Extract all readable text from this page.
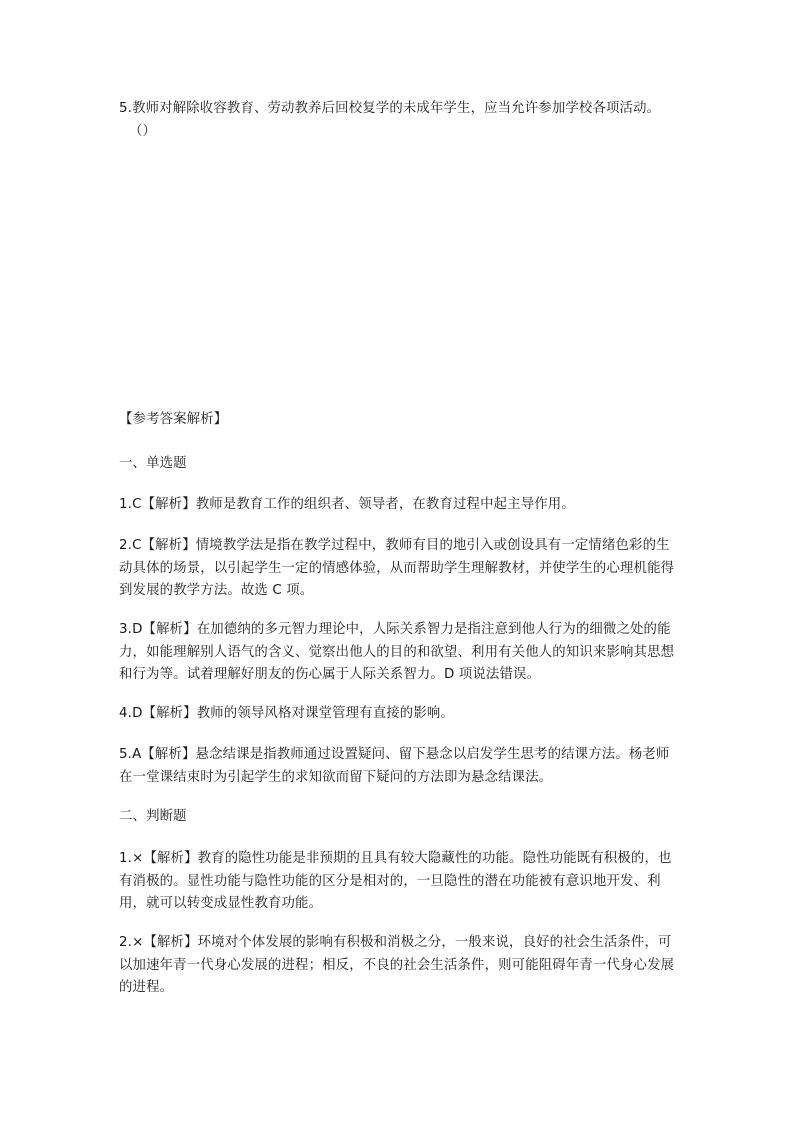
5.教师对解除收容教育、劳动教养后回校复学的未成年学生，应当允许参加学校各项活动。
（）

【参考答案解析】

一、单选题

1.C【解析】教师是教育工作的组织者、领导者，在教育过程中起主导作用。

2.C【解析】情境教学法是指在教学过程中，教师有目的地引入或创设具有一定情绪色彩的生动具体的场景，以引起学生一定的情感体验，从而帮助学生理解教材，并使学生的心理机能得到发展的教学方法。故选 C 项。

3.D【解析】在加德纳的多元智力理论中，人际关系智力是指注意到他人行为的细微之处的能力，如能理解别人语气的含义、觉察出他人的目的和欲望、利用有关他人的知识来影响其思想和行为等。试着理解好朋友的伤心属于人际关系智力。D 项说法错误。

4.D【解析】教师的领导风格对课堂管理有直接的影响。

5.A【解析】悬念结课是指教师通过设置疑问、留下悬念以启发学生思考的结课方法。杨老师在一堂课结束时为引起学生的求知欲而留下疑问的方法即为悬念结课法。

二、判断题

1.×【解析】教育的隐性功能是非预期的且具有较大隐藏性的功能。隐性功能既有积极的，也有消极的。显性功能与隐性功能的区分是相对的，一旦隐性的潜在功能被有意识地开发、利用，就可以转变成显性教育功能。

2.×【解析】环境对个体发展的影响有积极和消极之分，一般来说，良好的社会生活条件，可以加速年青一代身心发展的进程；相反，不良的社会生活条件，则可能阻碍年青一代身心发展的进程。
